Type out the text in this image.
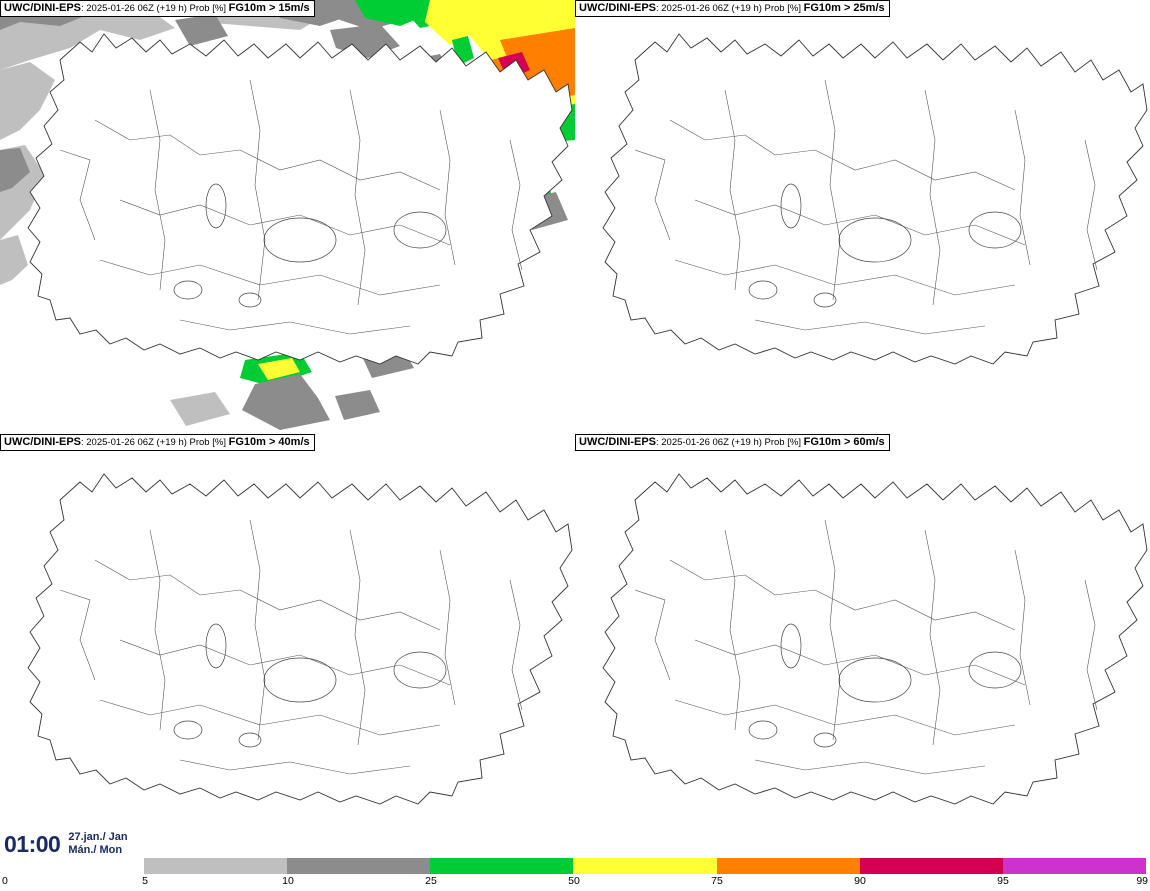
UWC/DINI-EPS: 2025-01-26 06Z (+19 h) Prob [%] FG10m > 15m/s	UWC/DINI-EPS: 2025-01-26 06Z (+19 h) Prob [%] FG10m > 25m/s
UWC/DINI-EPS: 2025-01-26 06Z (+19 h) Prob [%] FG10m > 40m/s	UWC/DINI-EPS: 2025-01-26 06Z (+19 h) Prob [%] FG10m > 60m/s
01:00 27.jan./ Jan
Mán./ Mon
5	10	25	50	75	90	95
0	99
